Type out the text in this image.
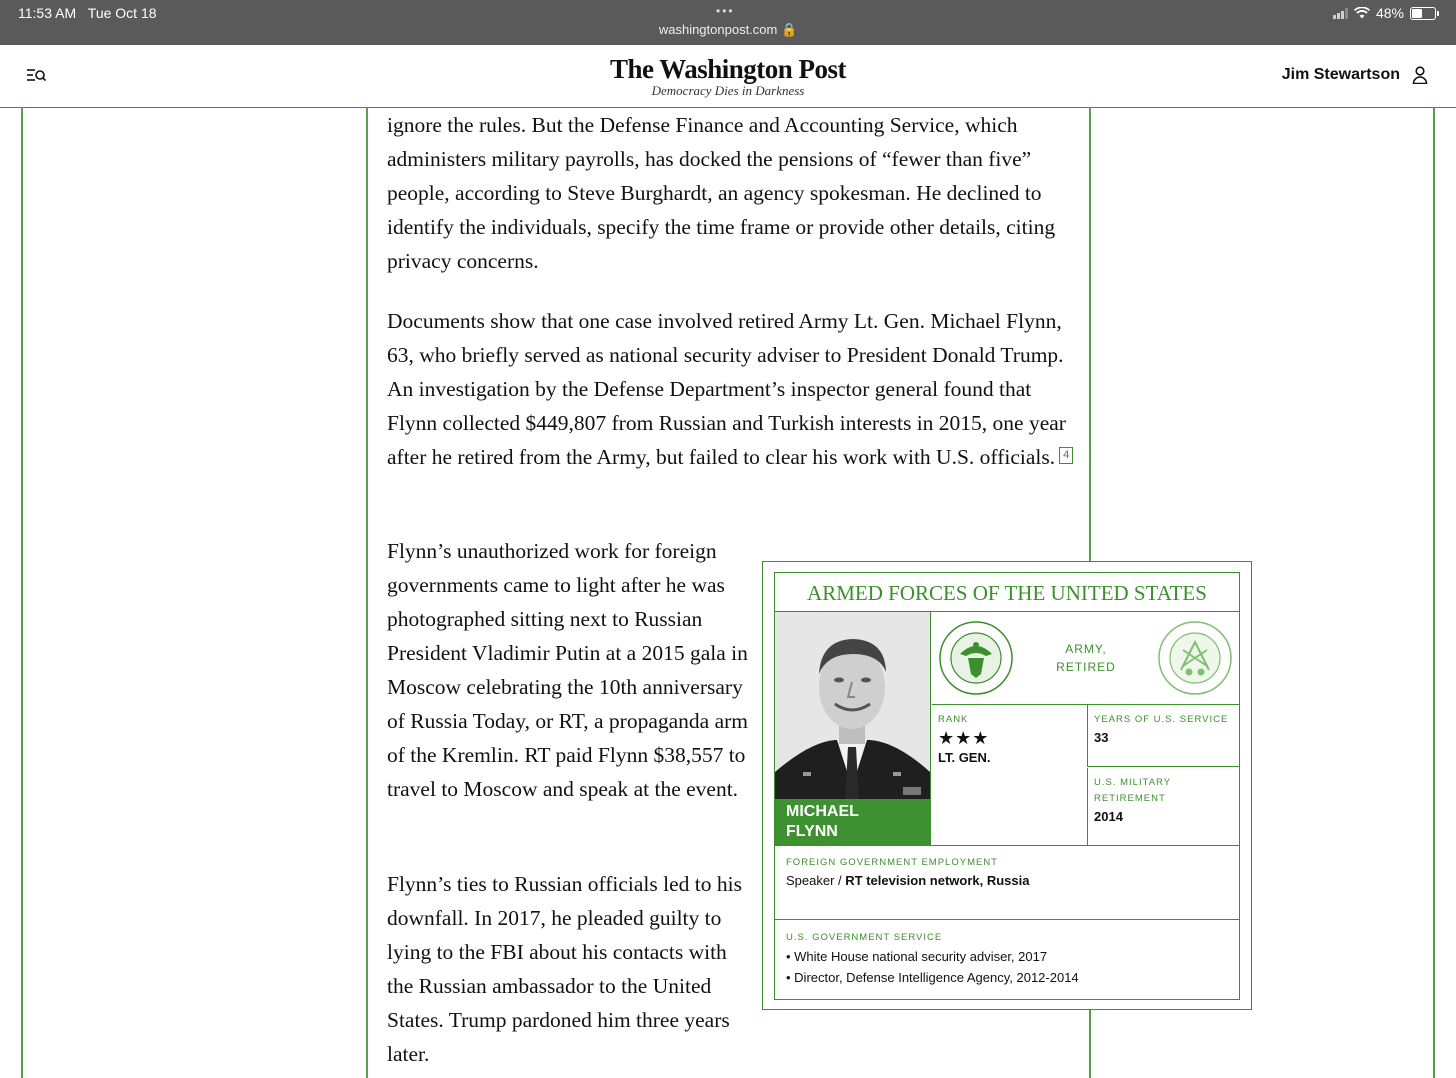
11:53 AM Tue Oct 18	•••
washingtonpost.com 🔒
48%
The Washington Post
Democracy Dies in Darkness
Jim Stewartson

ignore the rules. But the Defense Finance and Accounting Service, which administers military payrolls, has docked the pensions of “fewer than five” people, according to Steve Burghardt, an agency spokesman. He declined to identify the individuals, specify the time frame or provide other details, citing privacy concerns.

Documents show that one case involved retired Army Lt. Gen. Michael Flynn, 63, who briefly served as national security adviser to President Donald Trump. An investigation by the Defense Department’s inspector general found that Flynn collected $449,807 from Russian and Turkish interests in 2015, one year after he retired from the Army, but failed to clear his work with U.S. officials. 4

Flynn’s unauthorized work for foreign governments came to light after he was photographed sitting next to Russian President Vladimir Putin at a 2015 gala in Moscow celebrating the 10th anniversary of Russia Today, or RT, a propaganda arm of the Kremlin. RT paid Flynn $38,557 to travel to Moscow and speak at the event.

Flynn’s ties to Russian officials led to his downfall. In 2017, he pleaded guilty to lying to the FBI about his contacts with the Russian ambassador to the United States. Trump pardoned him three years later.

ARMED FORCES OF THE UNITED STATES
MICHAEL
FLYNN
ARMY,
RETIRED
RANK
★★★
LT. GEN.
YEARS OF U.S. SERVICE
33
U.S. MILITARY
RETIREMENT
2014
FOREIGN GOVERNMENT EMPLOYMENT
Speaker / RT television network, Russia
U.S. GOVERNMENT SERVICE
• White House national security adviser, 2017
• Director, Defense Intelligence Agency, 2012-2014
